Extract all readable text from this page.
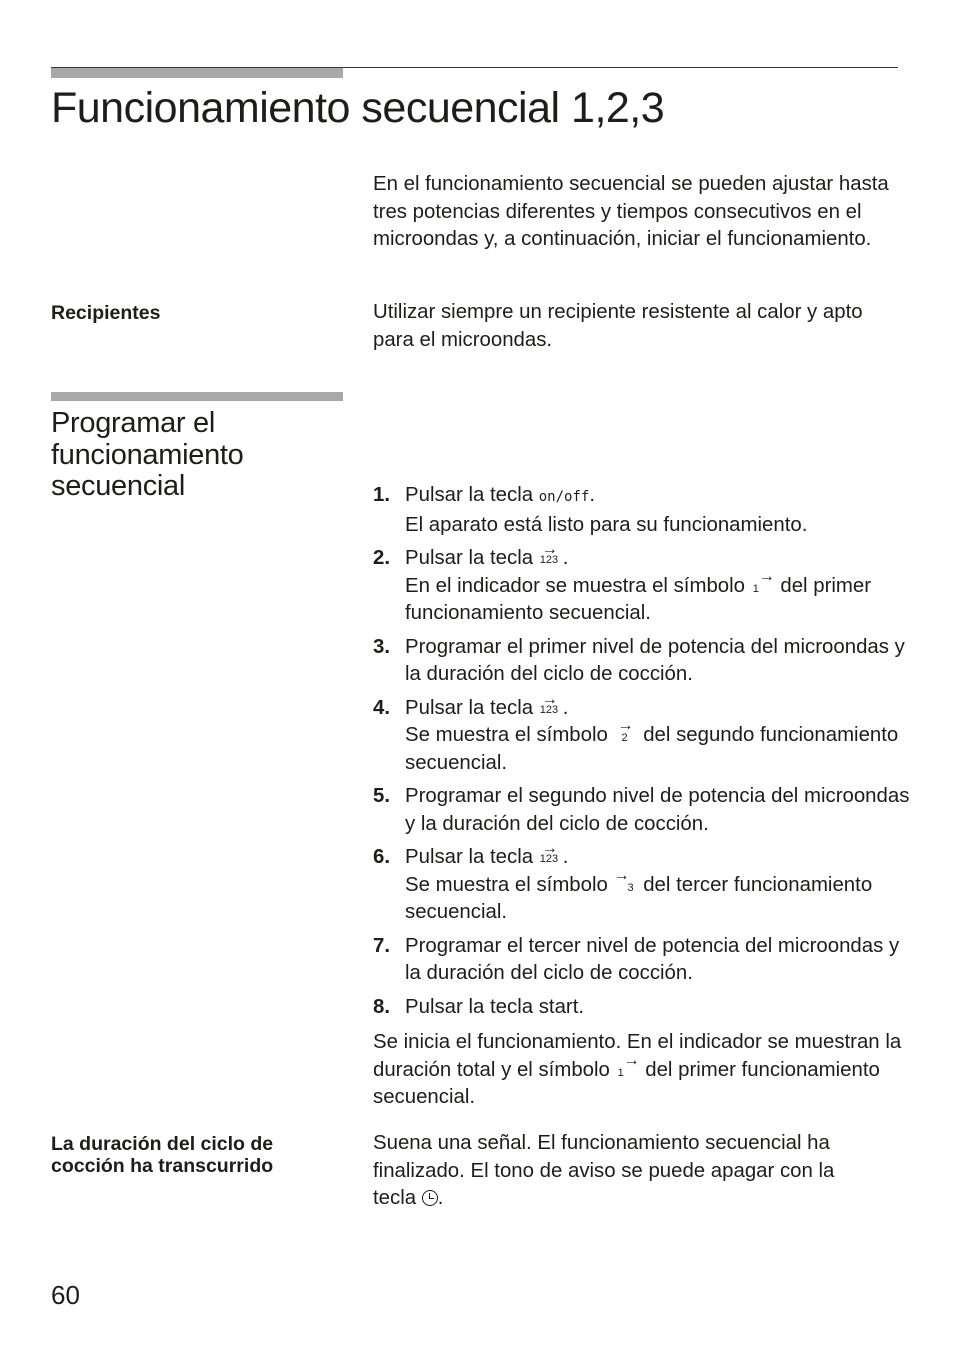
Funcionamiento secuencial 1,2,3
En el funcionamiento secuencial se pueden ajustar hasta tres potencias diferentes y tiempos consecutivos en el microondas y, a continuación, iniciar el funcionamiento.
Recipientes	Utilizar siempre un recipiente resistente al calor y apto para el microondas.
Programar el funcionamiento secuencial	1. Pulsar la tecla on/off.
El aparato está listo para su funcionamiento.
2. Pulsar la tecla →
123 .
En el indicador se muestra el símbolo 1
→ del primer funcionamiento secuencial.
3. Programar el primer nivel de potencia del microondas y la duración del ciclo de cocción.
4. Pulsar la tecla →
123 .
Se muestra el símbolo 2
→ del segundo funcionamiento secuencial.
5. Programar el segundo nivel de potencia del microondas y la duración del ciclo de cocción.
6. Pulsar la tecla →
123 .
Se muestra el símbolo 3
→ del tercer funcionamiento secuencial.
7. Programar el tercer nivel de potencia del microondas y la duración del ciclo de cocción.
8. Pulsar la tecla start.
Se inicia el funcionamiento. En el indicador se muestran la duración total y el símbolo 1
→ del primer funcionamiento secuencial.
La duración del ciclo de cocción ha transcurrido
Suena una señal. El funcionamiento secuencial ha finalizado. El tono de aviso se puede apagar con la tecla .
60
